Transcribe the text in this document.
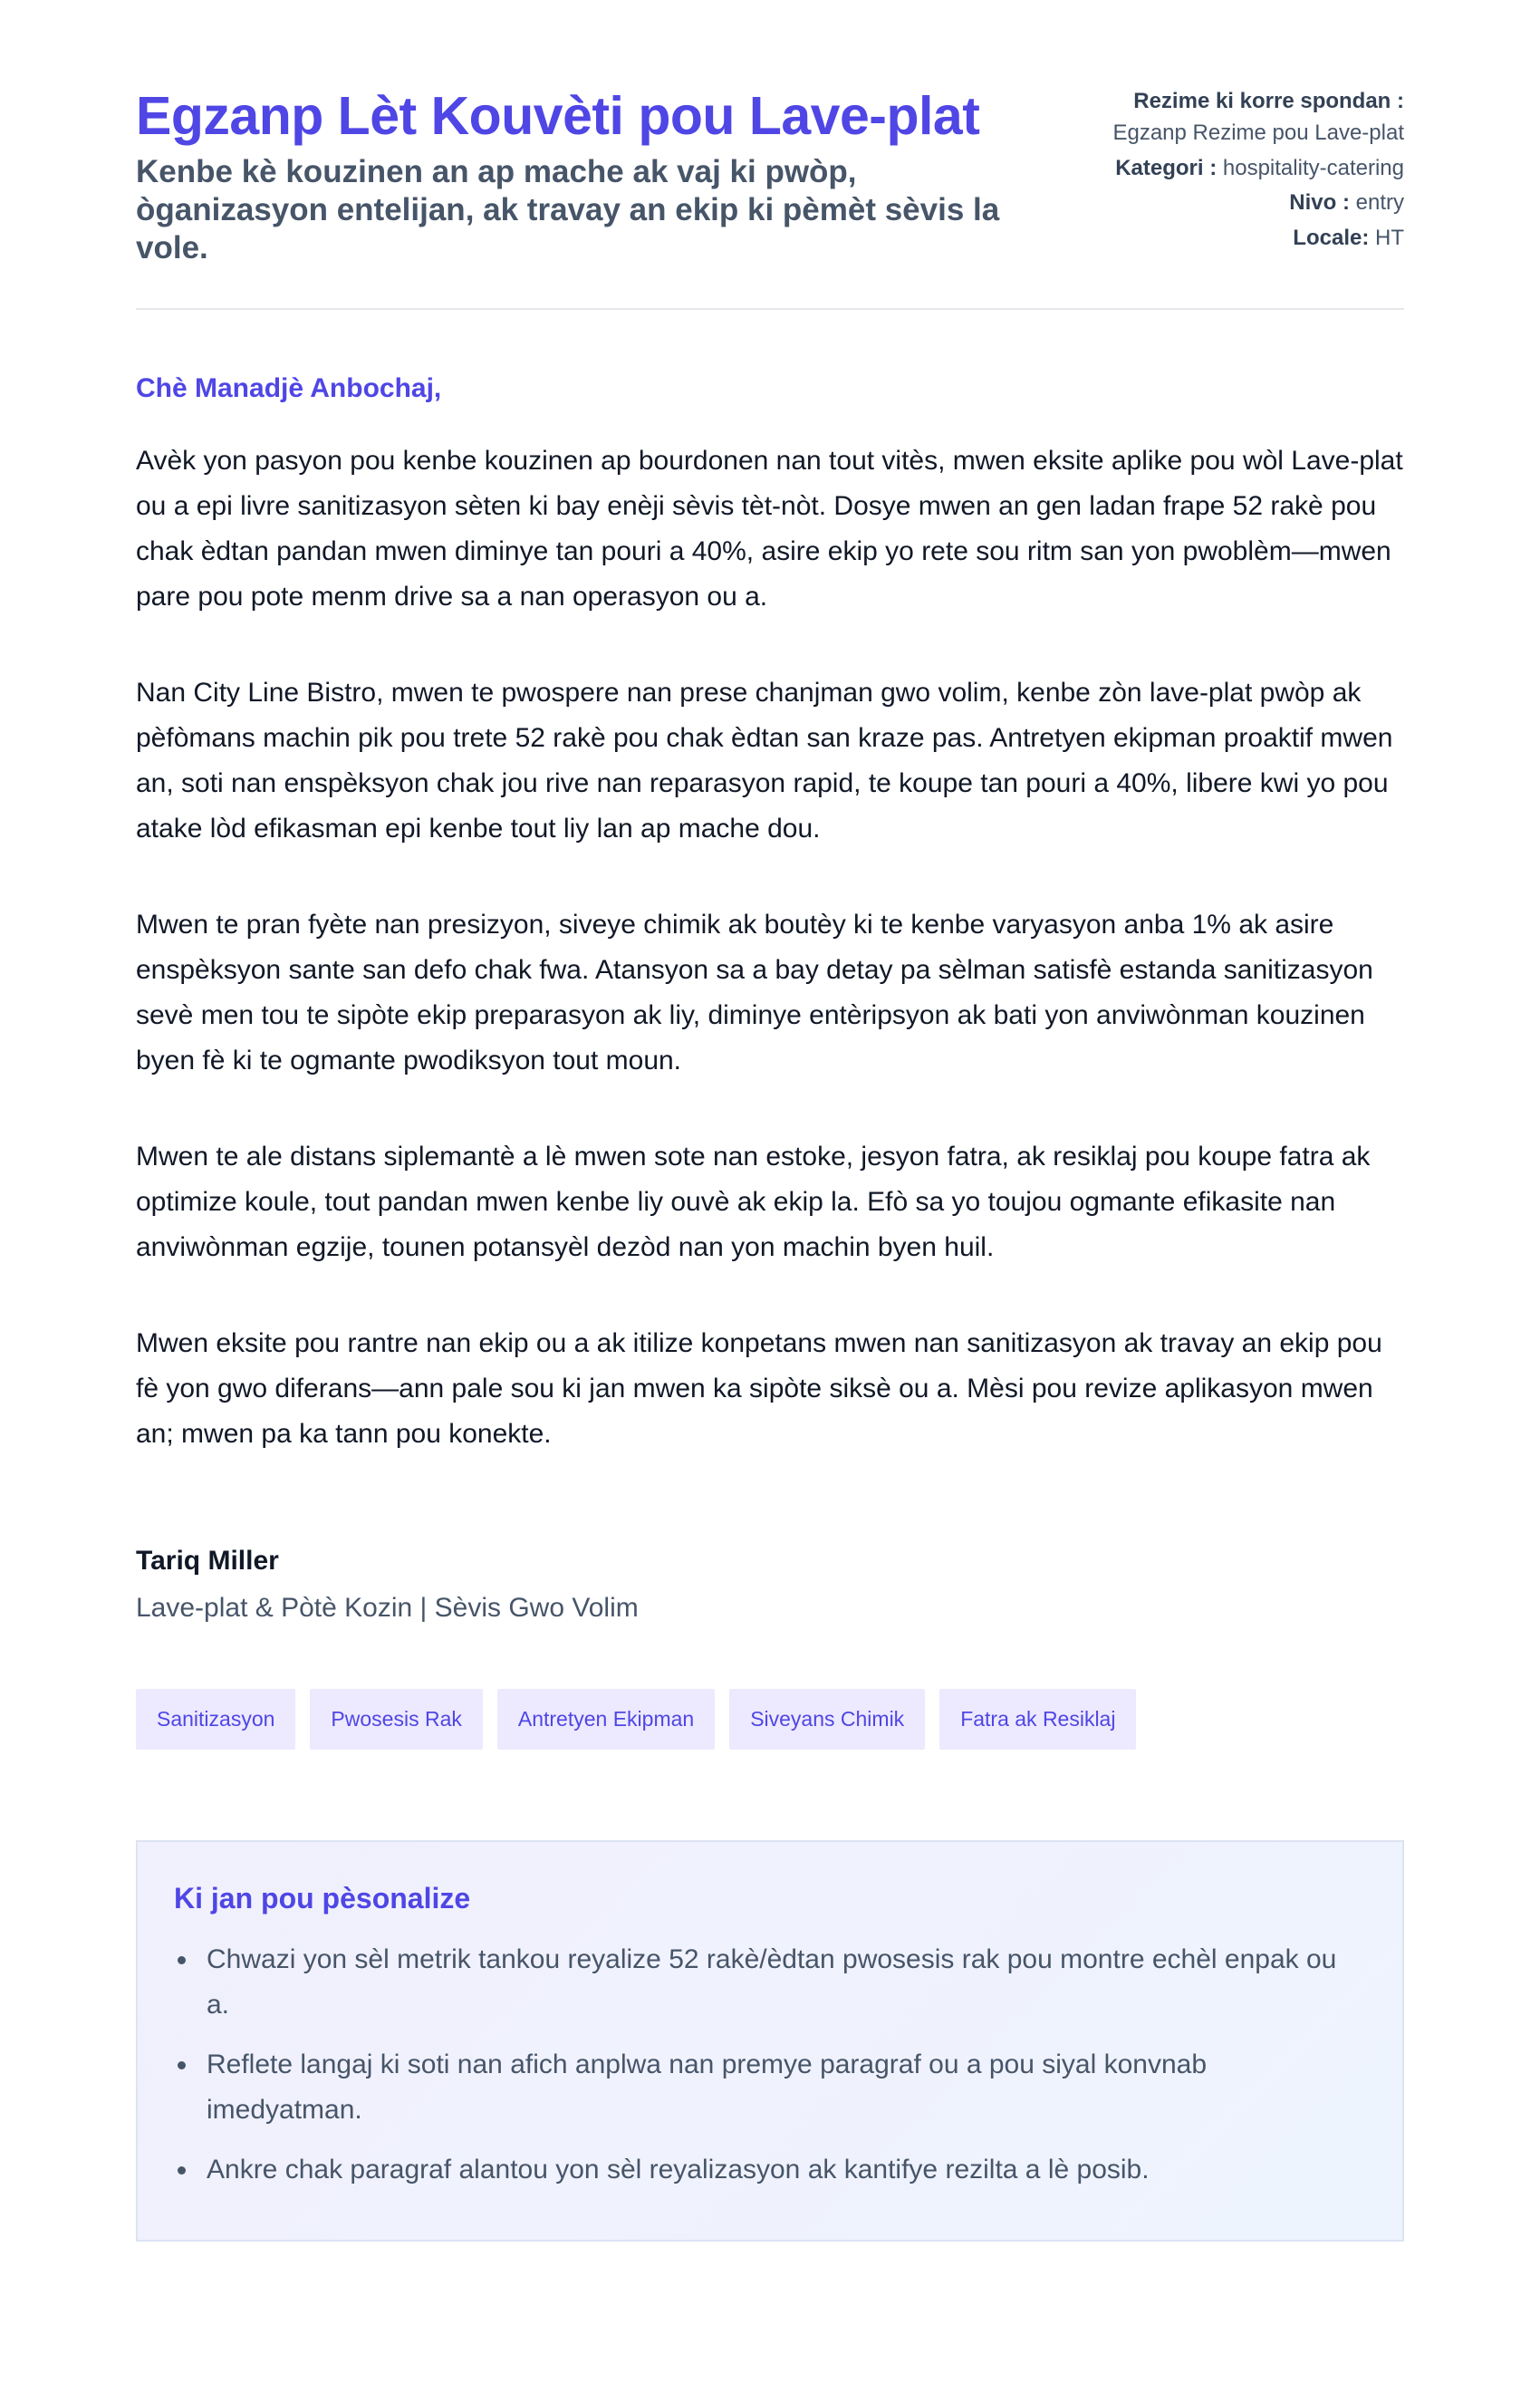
Egzanp Lèt Kouvèti pou Lave-plat

Kenbe kè kouzinen an ap mache ak vaj ki pwòp, òganizasyon entelijan, ak travay an ekip ki pèmèt sèvis la vole.

Rezime ki korre spondan :
Egzanp Rezime pou Lave-plat
Kategori : hospitality-catering
Nivo : entry
Locale: HT

Chè Manadjè Anbochaj,

Avèk yon pasyon pou kenbe kouzinen ap bourdonen nan tout vitès, mwen eksite aplike pou wòl Lave-plat ou a epi livre sanitizasyon sèten ki bay enèji sèvis tèt-nòt. Dosye mwen an gen ladan frape 52 rakè pou chak èdtan pandan mwen diminye tan pouri a 40%, asire ekip yo rete sou ritm san yon pwoblèm—mwen pare pou pote menm drive sa a nan operasyon ou a.

Nan City Line Bistro, mwen te pwospere nan prese chanjman gwo volim, kenbe zòn lave-plat pwòp ak pèfòmans machin pik pou trete 52 rakè pou chak èdtan san kraze pas. Antretyen ekipman proaktif mwen an, soti nan enspèksyon chak jou rive nan reparasyon rapid, te koupe tan pouri a 40%, libere kwi yo pou atake lòd efikasman epi kenbe tout liy lan ap mache dou.

Mwen te pran fyète nan presizyon, siveye chimik ak boutèy ki te kenbe varyasyon anba 1% ak asire enspèksyon sante san defo chak fwa. Atansyon sa a bay detay pa sèlman satisfè estanda sanitizasyon sevè men tou te sipòte ekip preparasyon ak liy, diminye entèripsyon ak bati yon anviwònman kouzinen byen fè ki te ogmante pwodiksyon tout moun.

Mwen te ale distans siplemantè a lè mwen sote nan estoke, jesyon fatra, ak resiklaj pou koupe fatra ak optimize koule, tout pandan mwen kenbe liy ouvè ak ekip la. Efò sa yo toujou ogmante efikasite nan anviwònman egzije, tounen potansyèl dezòd nan yon machin byen huil.

Mwen eksite pou rantre nan ekip ou a ak itilize konpetans mwen nan sanitizasyon ak travay an ekip pou fè yon gwo diferans—ann pale sou ki jan mwen ka sipòte siksè ou a. Mèsi pou revize aplikasyon mwen an; mwen pa ka tann pou konekte.

Tariq Miller

Lave-plat & Pòtè Kozin | Sèvis Gwo Volim

Sanitizasyon	Pwosesis Rak	Antretyen Ekipman	Siveyans Chimik	Fatra ak Resiklaj
Ki jan pou pèsonalize
Chwazi yon sèl metrik tankou reyalize 52 rakè/èdtan pwosesis rak pou montre echèl enpak ou a.
Reflete langaj ki soti nan afich anplwa nan premye paragraf ou a pou siyal konvnab imedyatman.
Ankre chak paragraf alantou yon sèl reyalizasyon ak kantifye rezilta a lè posib.
